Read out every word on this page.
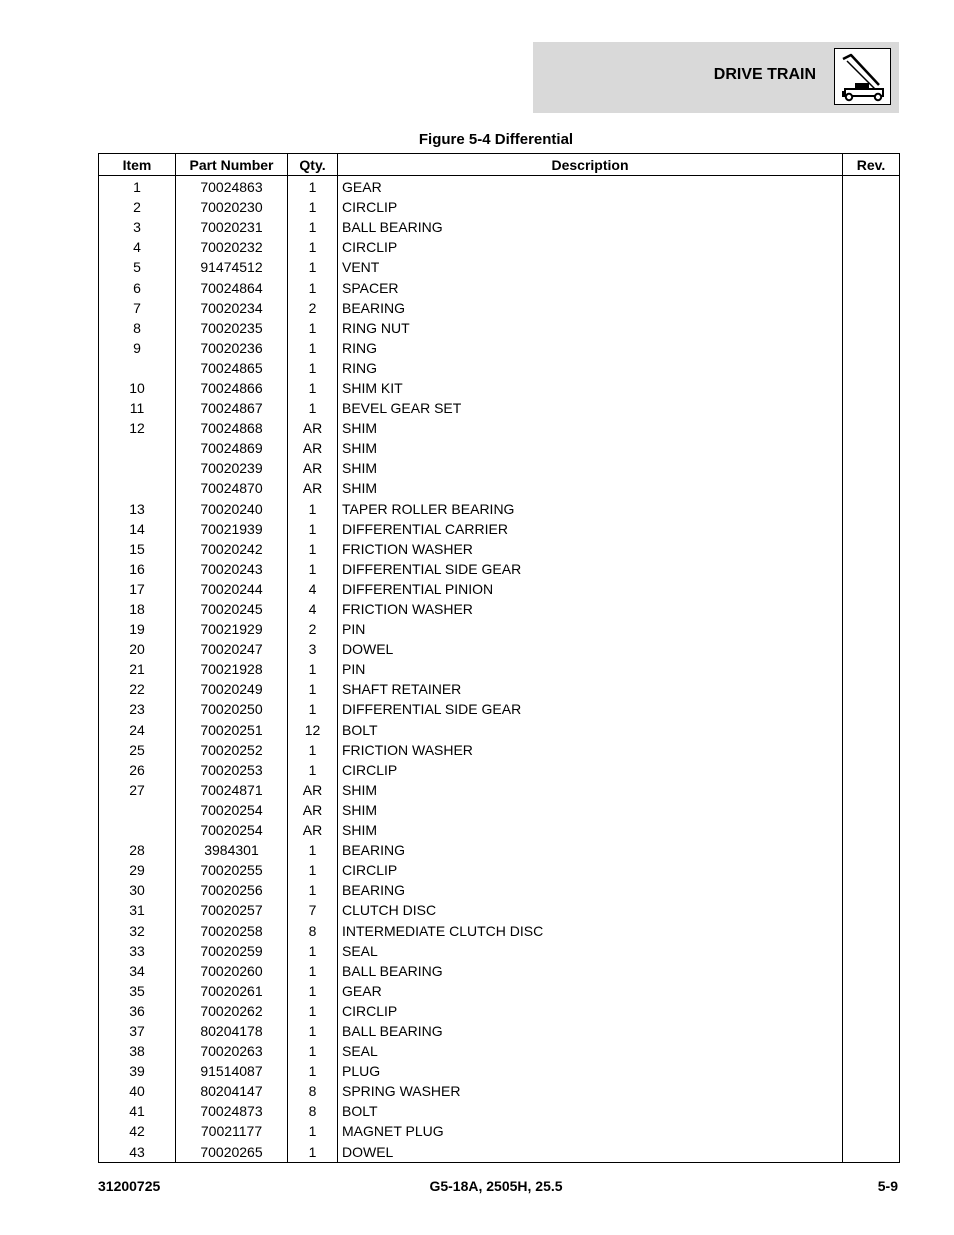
DRIVE TRAIN
Figure 5-4 Differential
Item	Part Number	Qty.	Description	Rev.
1	70024863	1	GEAR	
2	70020230	1	CIRCLIP	
3	70020231	1	BALL BEARING	
4	70020232	1	CIRCLIP	
5	91474512	1	VENT	
6	70024864	1	SPACER	
7	70020234	2	BEARING	
8	70020235	1	RING NUT	
9	70020236	1	RING	
	70024865	1	RING	
10	70024866	1	SHIM KIT	
11	70024867	1	BEVEL GEAR SET	
12	70024868	AR	SHIM	
	70024869	AR	SHIM	
	70020239	AR	SHIM	
	70024870	AR	SHIM	
13	70020240	1	TAPER ROLLER BEARING	
14	70021939	1	DIFFERENTIAL CARRIER	
15	70020242	1	FRICTION WASHER	
16	70020243	1	DIFFERENTIAL SIDE GEAR	
17	70020244	4	DIFFERENTIAL PINION	
18	70020245	4	FRICTION WASHER	
19	70021929	2	PIN	
20	70020247	3	DOWEL	
21	70021928	1	PIN	
22	70020249	1	SHAFT RETAINER	
23	70020250	1	DIFFERENTIAL SIDE GEAR	
24	70020251	12	BOLT	
25	70020252	1	FRICTION WASHER	
26	70020253	1	CIRCLIP	
27	70024871	AR	SHIM	
	70020254	AR	SHIM	
	70020254	AR	SHIM	
28	3984301	1	BEARING	
29	70020255	1	CIRCLIP	
30	70020256	1	BEARING	
31	70020257	7	CLUTCH DISC	
32	70020258	8	INTERMEDIATE CLUTCH DISC	
33	70020259	1	SEAL	
34	70020260	1	BALL BEARING	
35	70020261	1	GEAR	
36	70020262	1	CIRCLIP	
37	80204178	1	BALL BEARING	
38	70020263	1	SEAL	
39	91514087	1	PLUG	
40	80204147	8	SPRING WASHER	
41	70024873	8	BOLT	
42	70021177	1	MAGNET PLUG	
43	70020265	1	DOWEL	
31200725	G5-18A, 2505H, 25.5	5-9
